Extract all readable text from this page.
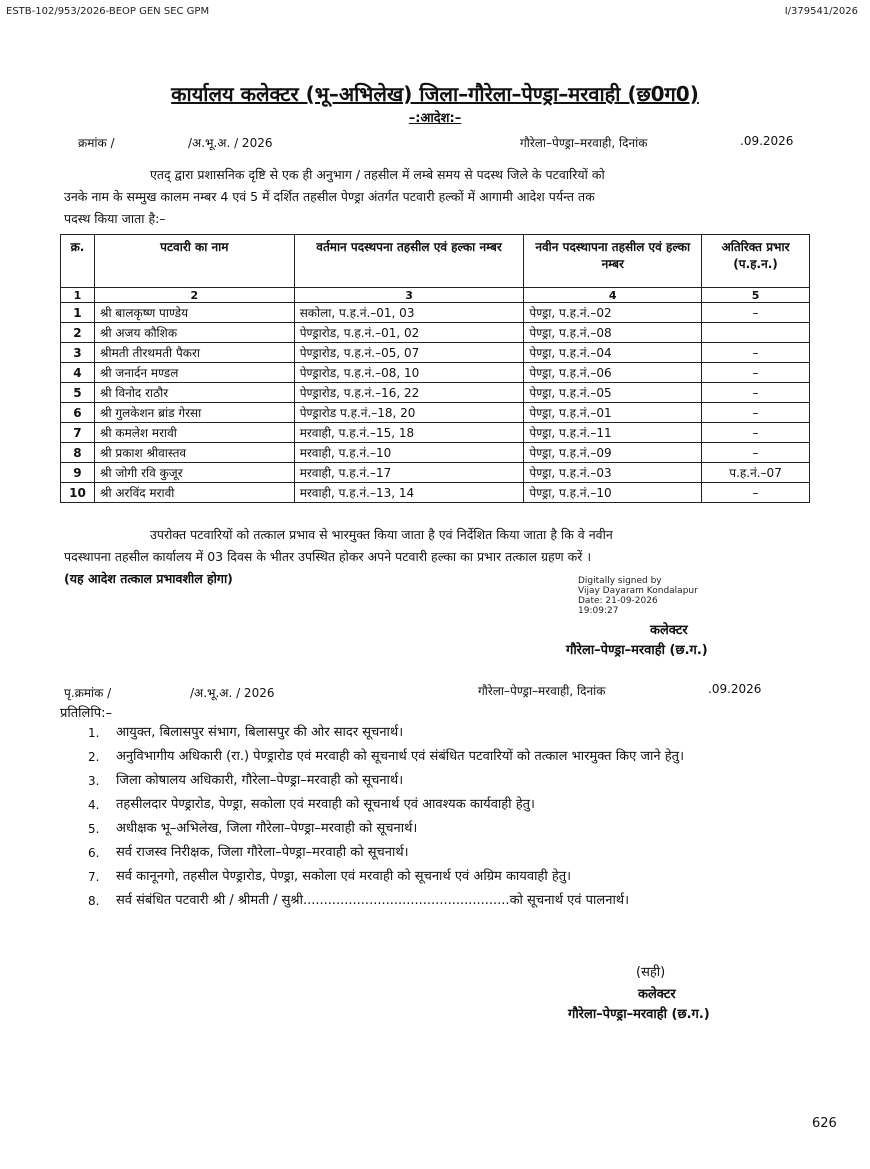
ESTB-102/953/2026-BEOP GEN SEC GPM	I/379541/2026
कार्यालय कलेक्टर (भू–अभिलेख) जिला–गौरेला–पेण्ड्रा–मरवाही (छ0ग0)
–:आदेश:–
क्रमांक /	/अ.भू.अ. / 2026	गौरेला–पेण्ड्रा–मरवाही, दिनांक	.09.2026
एतद् द्वारा प्रशासनिक दृष्टि से एक ही अनुभाग / तहसील में लम्बे समय से पदस्थ जिले के पटवारियों को
उनके नाम के सम्मुख कालम नम्बर 4 एवं 5 में दर्शित तहसील पेण्ड्रा अंतर्गत पटवारी हल्कों में आगामी आदेश पर्यन्त तक
पदस्थ किया जाता है:–
क्र.	पटवारी का नाम	वर्तमान पदस्थपना तहसील एवं हल्का नम्बर	नवीन पदस्थापना तहसील एवं हल्का नम्बर	अतिरिक्त प्रभार (प.ह.न.)
1	2	3	4	5
1	श्री बालकृष्ण पाण्डेय	सकोला, प.ह.नं.–01, 03	पेण्ड्रा, प.ह.नं.–02	–
2	श्री अजय कौशिक	पेण्ड्रारोड, प.ह.नं.–01, 02	पेण्ड्रा, प.ह.नं.–08	
3	श्रीमती तीरथमती पैकरा	पेण्ड्रारोड, प.ह.नं.–05, 07	पेण्ड्रा, प.ह.नं.–04	–
4	श्री जनार्दन मण्डल	पेण्ड्रारोड, प.ह.नं.–08, 10	पेण्ड्रा, प.ह.नं.–06	–
5	श्री विनोद राठौर	पेण्ड्रारोड, प.ह.नं.–16, 22	पेण्ड्रा, प.ह.नं.–05	–
6	श्री गुलकेशन ब्रांड गेरसा	पेण्ड्रारोड प.ह.नं.–18, 20	पेण्ड्रा, प.ह.नं.–01	–
7	श्री कमलेश मरावी	मरवाही, प.ह.नं.–15, 18	पेण्ड्रा, प.ह.नं.–11	–
8	श्री प्रकाश श्रीवास्तव	मरवाही, प.ह.नं.–10	पेण्ड्रा, प.ह.नं.–09	–
9	श्री जोगी रवि कुजूर	मरवाही, प.ह.नं.–17	पेण्ड्रा, प.ह.नं.–03	प.ह.नं.–07
10	श्री अरविंद मरावी	मरवाही, प.ह.नं.–13, 14	पेण्ड्रा, प.ह.नं.–10	–
उपरोक्त पटवारियों को तत्काल प्रभाव से भारमुक्त किया जाता है एवं निर्देशित किया जाता है कि वे नवीन
पदस्थापना तहसील कार्यालय में 03 दिवस के भीतर उपस्थित होकर अपने पटवारी हल्का का प्रभार तत्काल ग्रहण करें ।
(यह आदेश तत्काल प्रभावशील होगा)	Digitally signed by
Vijay Dayaram Kondalapur
Date: 21-09-2026
19:09:27
कलेक्टर
गौरेला–पेण्ड्रा–मरवाही (छ.ग.)
पृ.क्रमांक /	/अ.भू.अ. / 2026	गौरेला–पेण्ड्रा–मरवाही, दिनांक	.09.2026
प्रतिलिपि:–
1.	आयुक्त, बिलासपुर संभाग, बिलासपुर की ओर सादर सूचनार्थ।
2.	अनुविभागीय अधिकारी (रा.) पेण्ड्रारोड एवं मरवाही को सूचनार्थ एवं संबंधित पटवारियों को तत्काल भारमुक्त किए जाने हेतु।
3.	जिला कोषालय अधिकारी, गौरेला–पेण्ड्रा–मरवाही को सूचनार्थ।
4.	तहसीलदार पेण्ड्रारोड, पेण्ड्रा, सकोला एवं मरवाही को सूचनार्थ एवं आवश्यक कार्यवाही हेतु।
5.	अधीक्षक भू–अभिलेख, जिला गौरेला–पेण्ड्रा–मरवाही को सूचनार्थ।
6.	सर्व राजस्व निरीक्षक, जिला गौरेला–पेण्ड्रा–मरवाही को सूचनार्थ।
7.	सर्व कानूनगो, तहसील पेण्ड्रारोड, पेण्ड्रा, सकोला एवं मरवाही को सूचनार्थ एवं अग्रिम कायवाही हेतु।
8.	सर्व संबंधित पटवारी श्री / श्रीमती / सुश्री..................................................को सूचनार्थ एवं पालनार्थ।
(सही)
कलेक्टर
गौरेला–पेण्ड्रा–मरवाही (छ.ग.)
626
